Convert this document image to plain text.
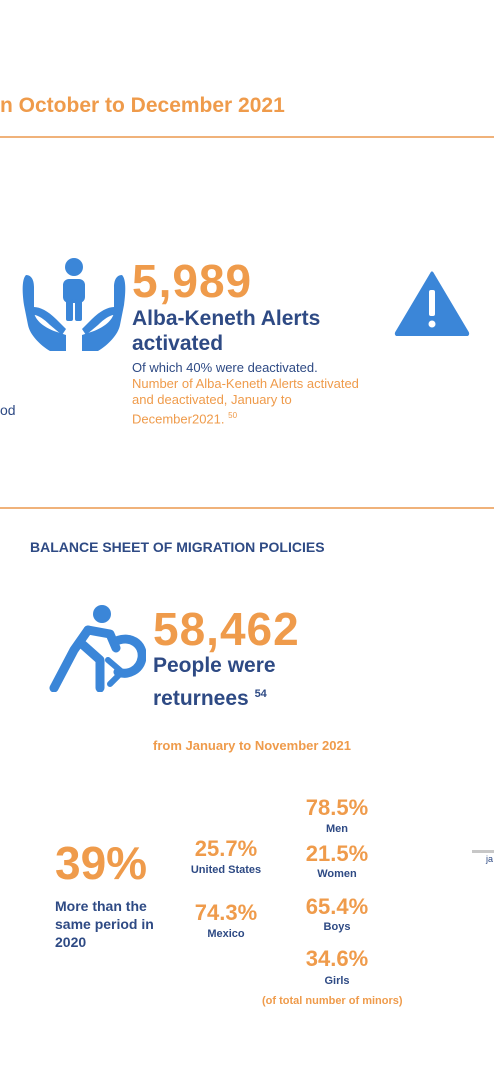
n October to December 2021
5,989
Alba-Keneth Alerts activated
Of which 40% were deactivated.
Number of Alba-Keneth Alerts activated and deactivated, January to December2021. $^{50}$
od
BALANCE SHEET OF MIGRATION POLICIES
58,462
People were returnees $^{54}$
from January to November 2021
39%
More than the same period in 2020
25.7%
United States
74.3%
Mexico
78.5%
Men
21.5%
Women
65.4%
Boys
34.6%
Girls
(of total number of minors)
ja
